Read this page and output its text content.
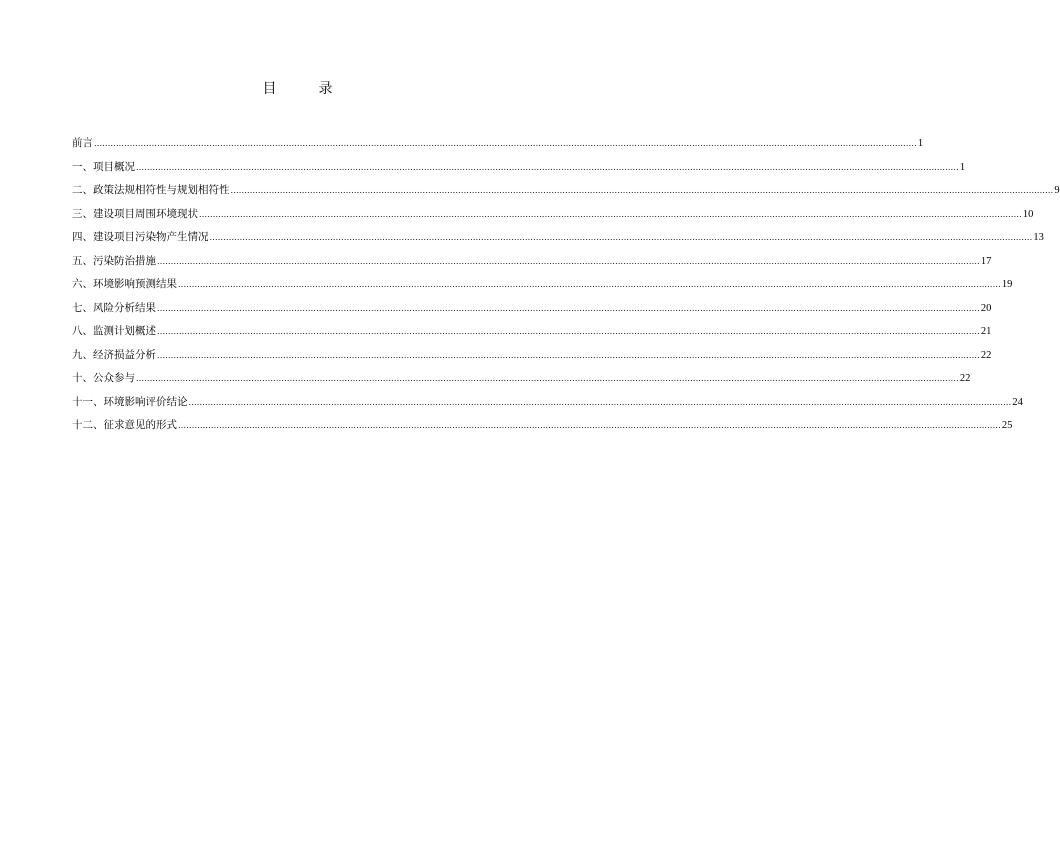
目　录
前言 ............................................................................................................................................................................................................................................................................................................ 1
一、项目概况 ............................................................................................................................................................................................................................................................................................................ 1
二、政策法规相符性与规划相符性 ............................................................................................................................................................................................................................................................................................................ 9
三、建设项目周围环境现状 ............................................................................................................................................................................................................................................................................................................ 10
四、建设项目污染物产生情况 ............................................................................................................................................................................................................................................................................................................ 13
五、污染防治措施 ............................................................................................................................................................................................................................................................................................................ 17
六、环境影响预测结果 ............................................................................................................................................................................................................................................................................................................ 19
七、风险分析结果 ............................................................................................................................................................................................................................................................................................................ 20
八、监测计划概述 ............................................................................................................................................................................................................................................................................................................ 21
九、经济损益分析 ............................................................................................................................................................................................................................................................................................................ 22
十、公众参与 ............................................................................................................................................................................................................................................................................................................ 22
十一、环境影响评价结论 ............................................................................................................................................................................................................................................................................................................ 24
十二、征求意见的形式 ............................................................................................................................................................................................................................................................................................................ 25
